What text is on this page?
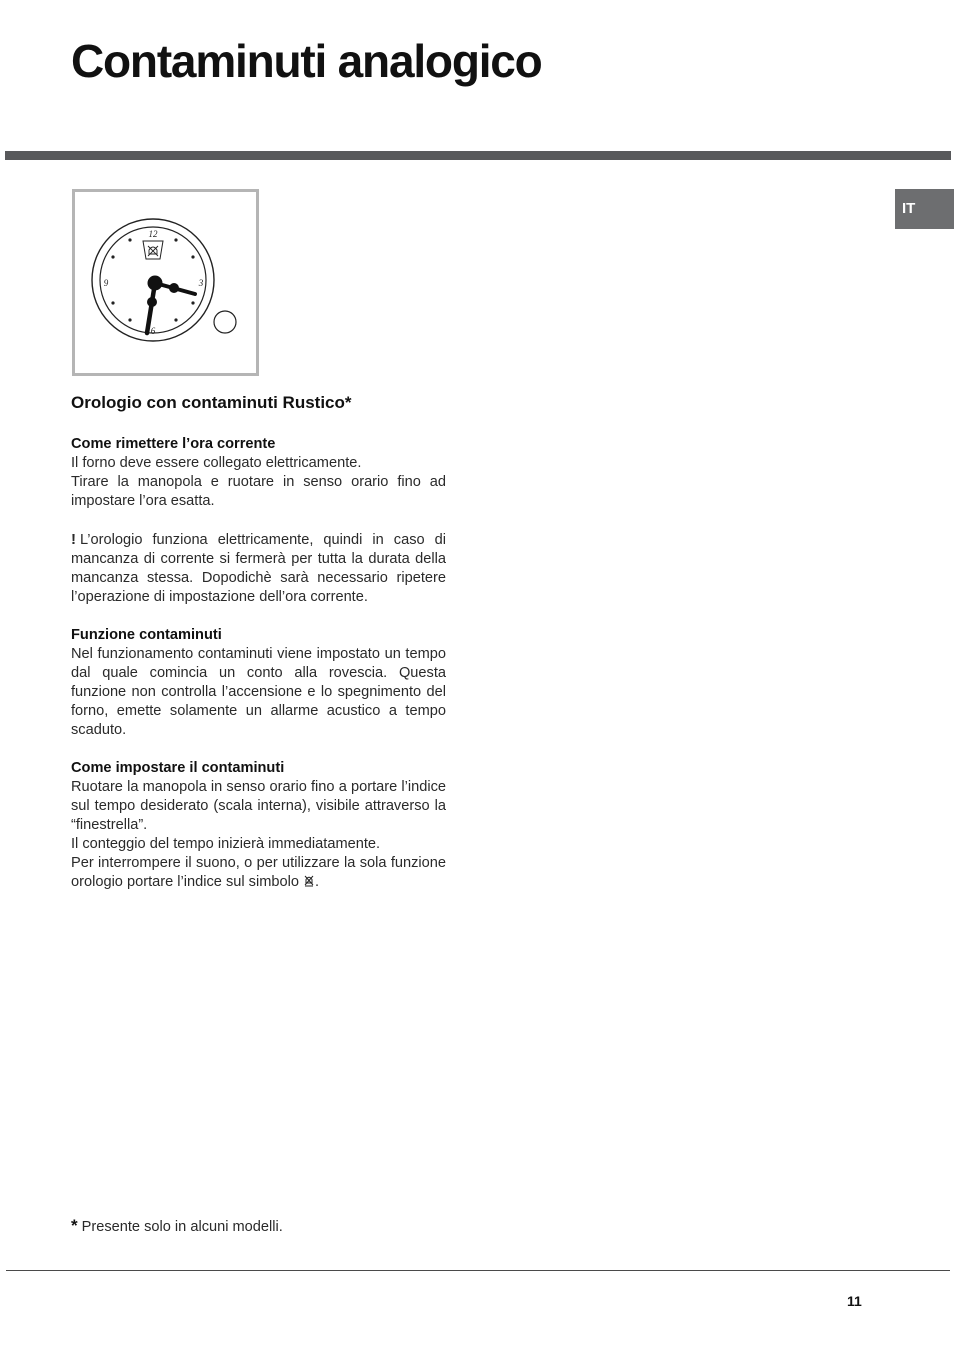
Contaminuti analogico
IT
12
3
6
9
Orologio con contaminuti Rustico*
Come rimettere l’ora corrente
Il forno deve essere collegato elettricamente.
Tirare la manopola e ruotare in senso orario fino ad impostare l’ora esatta.
! L’orologio funziona elettricamente, quindi in caso di mancanza di corrente si fermerà per tutta la durata della mancanza stessa. Dopodichè sarà necessario ripetere l’operazione di impostazione dell’ora corrente.
Funzione contaminuti
Nel funzionamento contaminuti viene impostato un tempo dal quale comincia un conto alla rovescia. Questa funzione non controlla l’accensione e lo spegnimento del forno, emette solamente un allarme acustico a tempo scaduto.
Come impostare il contaminuti
Ruotare la manopola in senso orario fino a portare l’indice sul tempo desiderato (scala interna), visibile attraverso la “finestrella”.
Il conteggio del tempo inizierà immediatamente.
Per interrompere il suono, o per utilizzare la sola funzione orologio portare l’indice sul simbolo .
* Presente solo in alcuni modelli.
11
